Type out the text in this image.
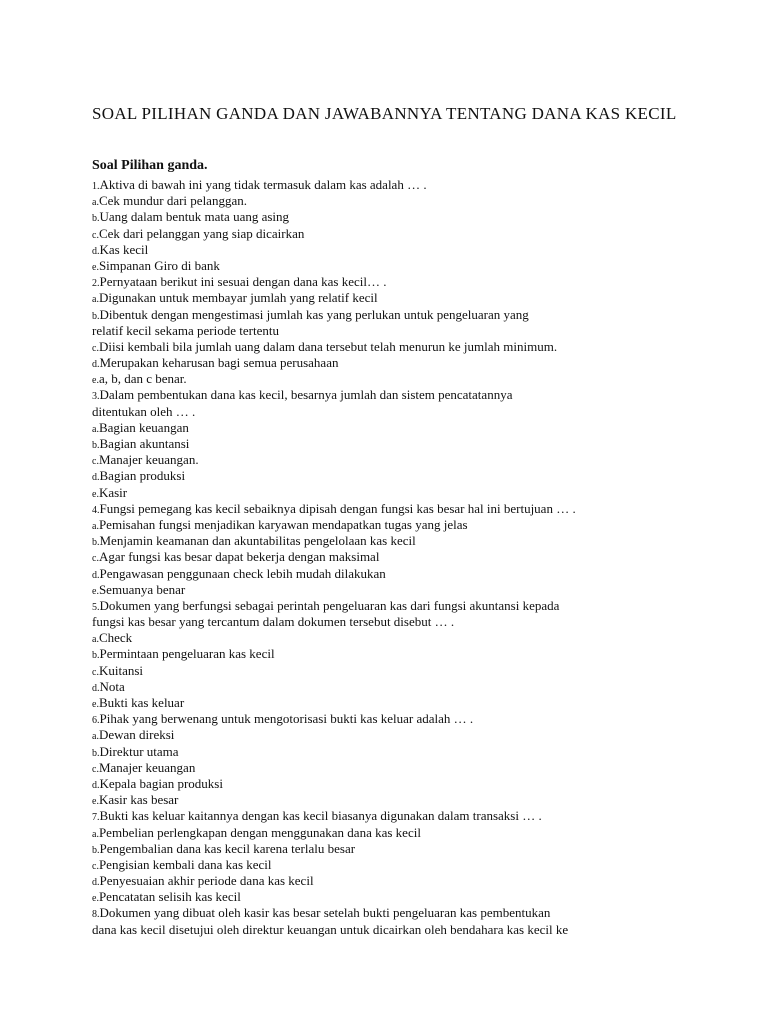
SOAL PILIHAN GANDA DAN JAWABANNYA TENTANG DANA KAS KECIL

Soal Pilihan ganda.

1.Aktiva di bawah ini yang tidak termasuk dalam kas adalah … .
a.Cek mundur dari pelanggan.
b.Uang dalam bentuk mata uang asing
c.Cek dari pelanggan yang siap dicairkan
d.Kas kecil
e.Simpanan Giro di bank
2.Pernyataan berikut ini sesuai dengan dana kas kecil… .
a.Digunakan untuk membayar jumlah yang relatif kecil
b.Dibentuk dengan mengestimasi jumlah kas yang perlukan untuk pengeluaran yang
relatif kecil sekama periode tertentu
c.Diisi kembali bila jumlah uang dalam dana tersebut telah menurun ke jumlah minimum.
d.Merupakan keharusan bagi semua perusahaan
e.a, b, dan c benar.
3.Dalam pembentukan dana kas kecil, besarnya jumlah dan sistem pencatatannya
ditentukan oleh … .
a.Bagian keuangan
b.Bagian akuntansi
c.Manajer keuangan.
d.Bagian produksi
e.Kasir
4.Fungsi pemegang kas kecil sebaiknya dipisah dengan fungsi kas besar hal ini bertujuan … .
a.Pemisahan fungsi menjadikan karyawan mendapatkan tugas yang jelas
b.Menjamin keamanan dan akuntabilitas pengelolaan kas kecil
c.Agar fungsi kas besar dapat bekerja dengan maksimal
d.Pengawasan penggunaan check lebih mudah dilakukan
e.Semuanya benar
5.Dokumen yang berfungsi sebagai perintah pengeluaran kas dari fungsi akuntansi kepada
fungsi kas besar yang tercantum dalam dokumen tersebut disebut … .
a.Check
b.Permintaan pengeluaran kas kecil
c.Kuitansi
d.Nota
e.Bukti kas keluar
6.Pihak yang berwenang untuk mengotorisasi bukti kas keluar adalah … .
a.Dewan direksi
b.Direktur utama
c.Manajer keuangan
d.Kepala bagian produksi
e.Kasir kas besar
7.Bukti kas keluar kaitannya dengan kas kecil biasanya digunakan dalam transaksi … .
a.Pembelian perlengkapan dengan menggunakan dana kas kecil
b.Pengembalian dana kas kecil karena terlalu besar
c.Pengisian kembali dana kas kecil
d.Penyesuaian akhir periode dana kas kecil
e.Pencatatan selisih kas kecil
8.Dokumen yang dibuat oleh kasir kas besar setelah bukti pengeluaran kas pembentukan
dana kas kecil disetujui oleh direktur keuangan untuk dicairkan oleh bendahara kas kecil ke
